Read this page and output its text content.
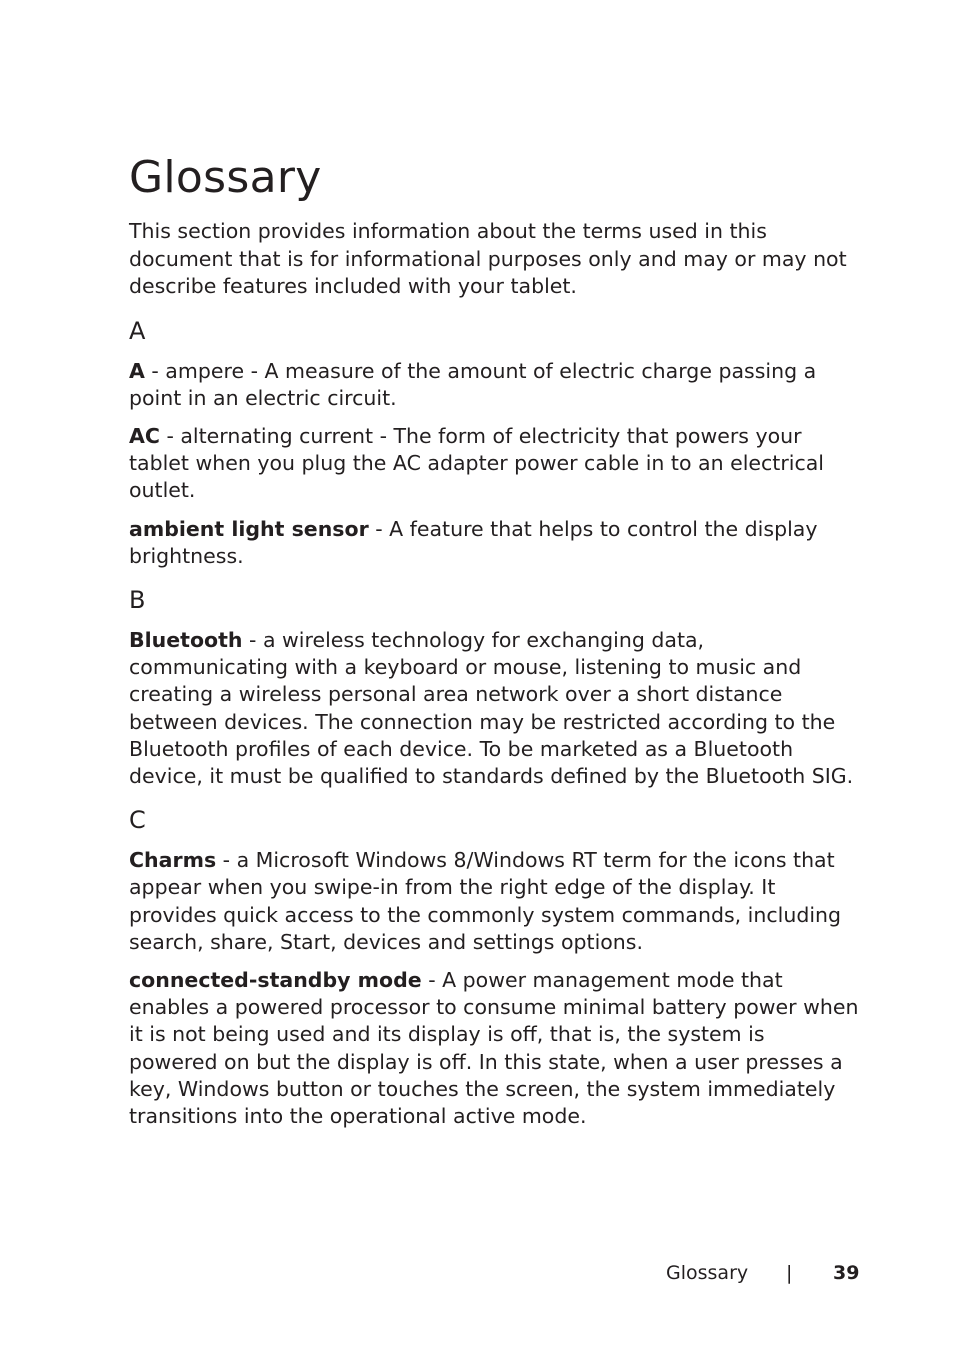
Glossary

This section provides information about the terms used in this document that is for informational purposes only and may or may not describe features included with your tablet.

A

A - ampere - A measure of the amount of electric charge passing a point in an electric circuit.

AC - alternating current - The form of electricity that powers your tablet when you plug the AC adapter power cable in to an electrical outlet.

ambient light sensor - A feature that helps to control the display brightness.

B

Bluetooth - a wireless technology for exchanging data, communicating with a keyboard or mouse, listening to music and creating a wireless personal area network over a short distance between devices. The connection may be restricted according to the Bluetooth profiles of each device. To be marketed as a Bluetooth device, it must be qualified to standards defined by the Bluetooth SIG.

C

Charms - a Microsoft Windows 8/Windows RT term for the icons that appear when you swipe-in from the right edge of the display. It provides quick access to the commonly system commands, including search, share, Start, devices and settings options.

connected-standby mode - A power management mode that enables a powered processor to consume minimal battery power when it is not being used and its display is off, that is, the system is powered on but the display is off. In this state, when a user presses a key, Windows button or touches the screen, the system immediately transitions into the operational active mode.

Glossary | 39
